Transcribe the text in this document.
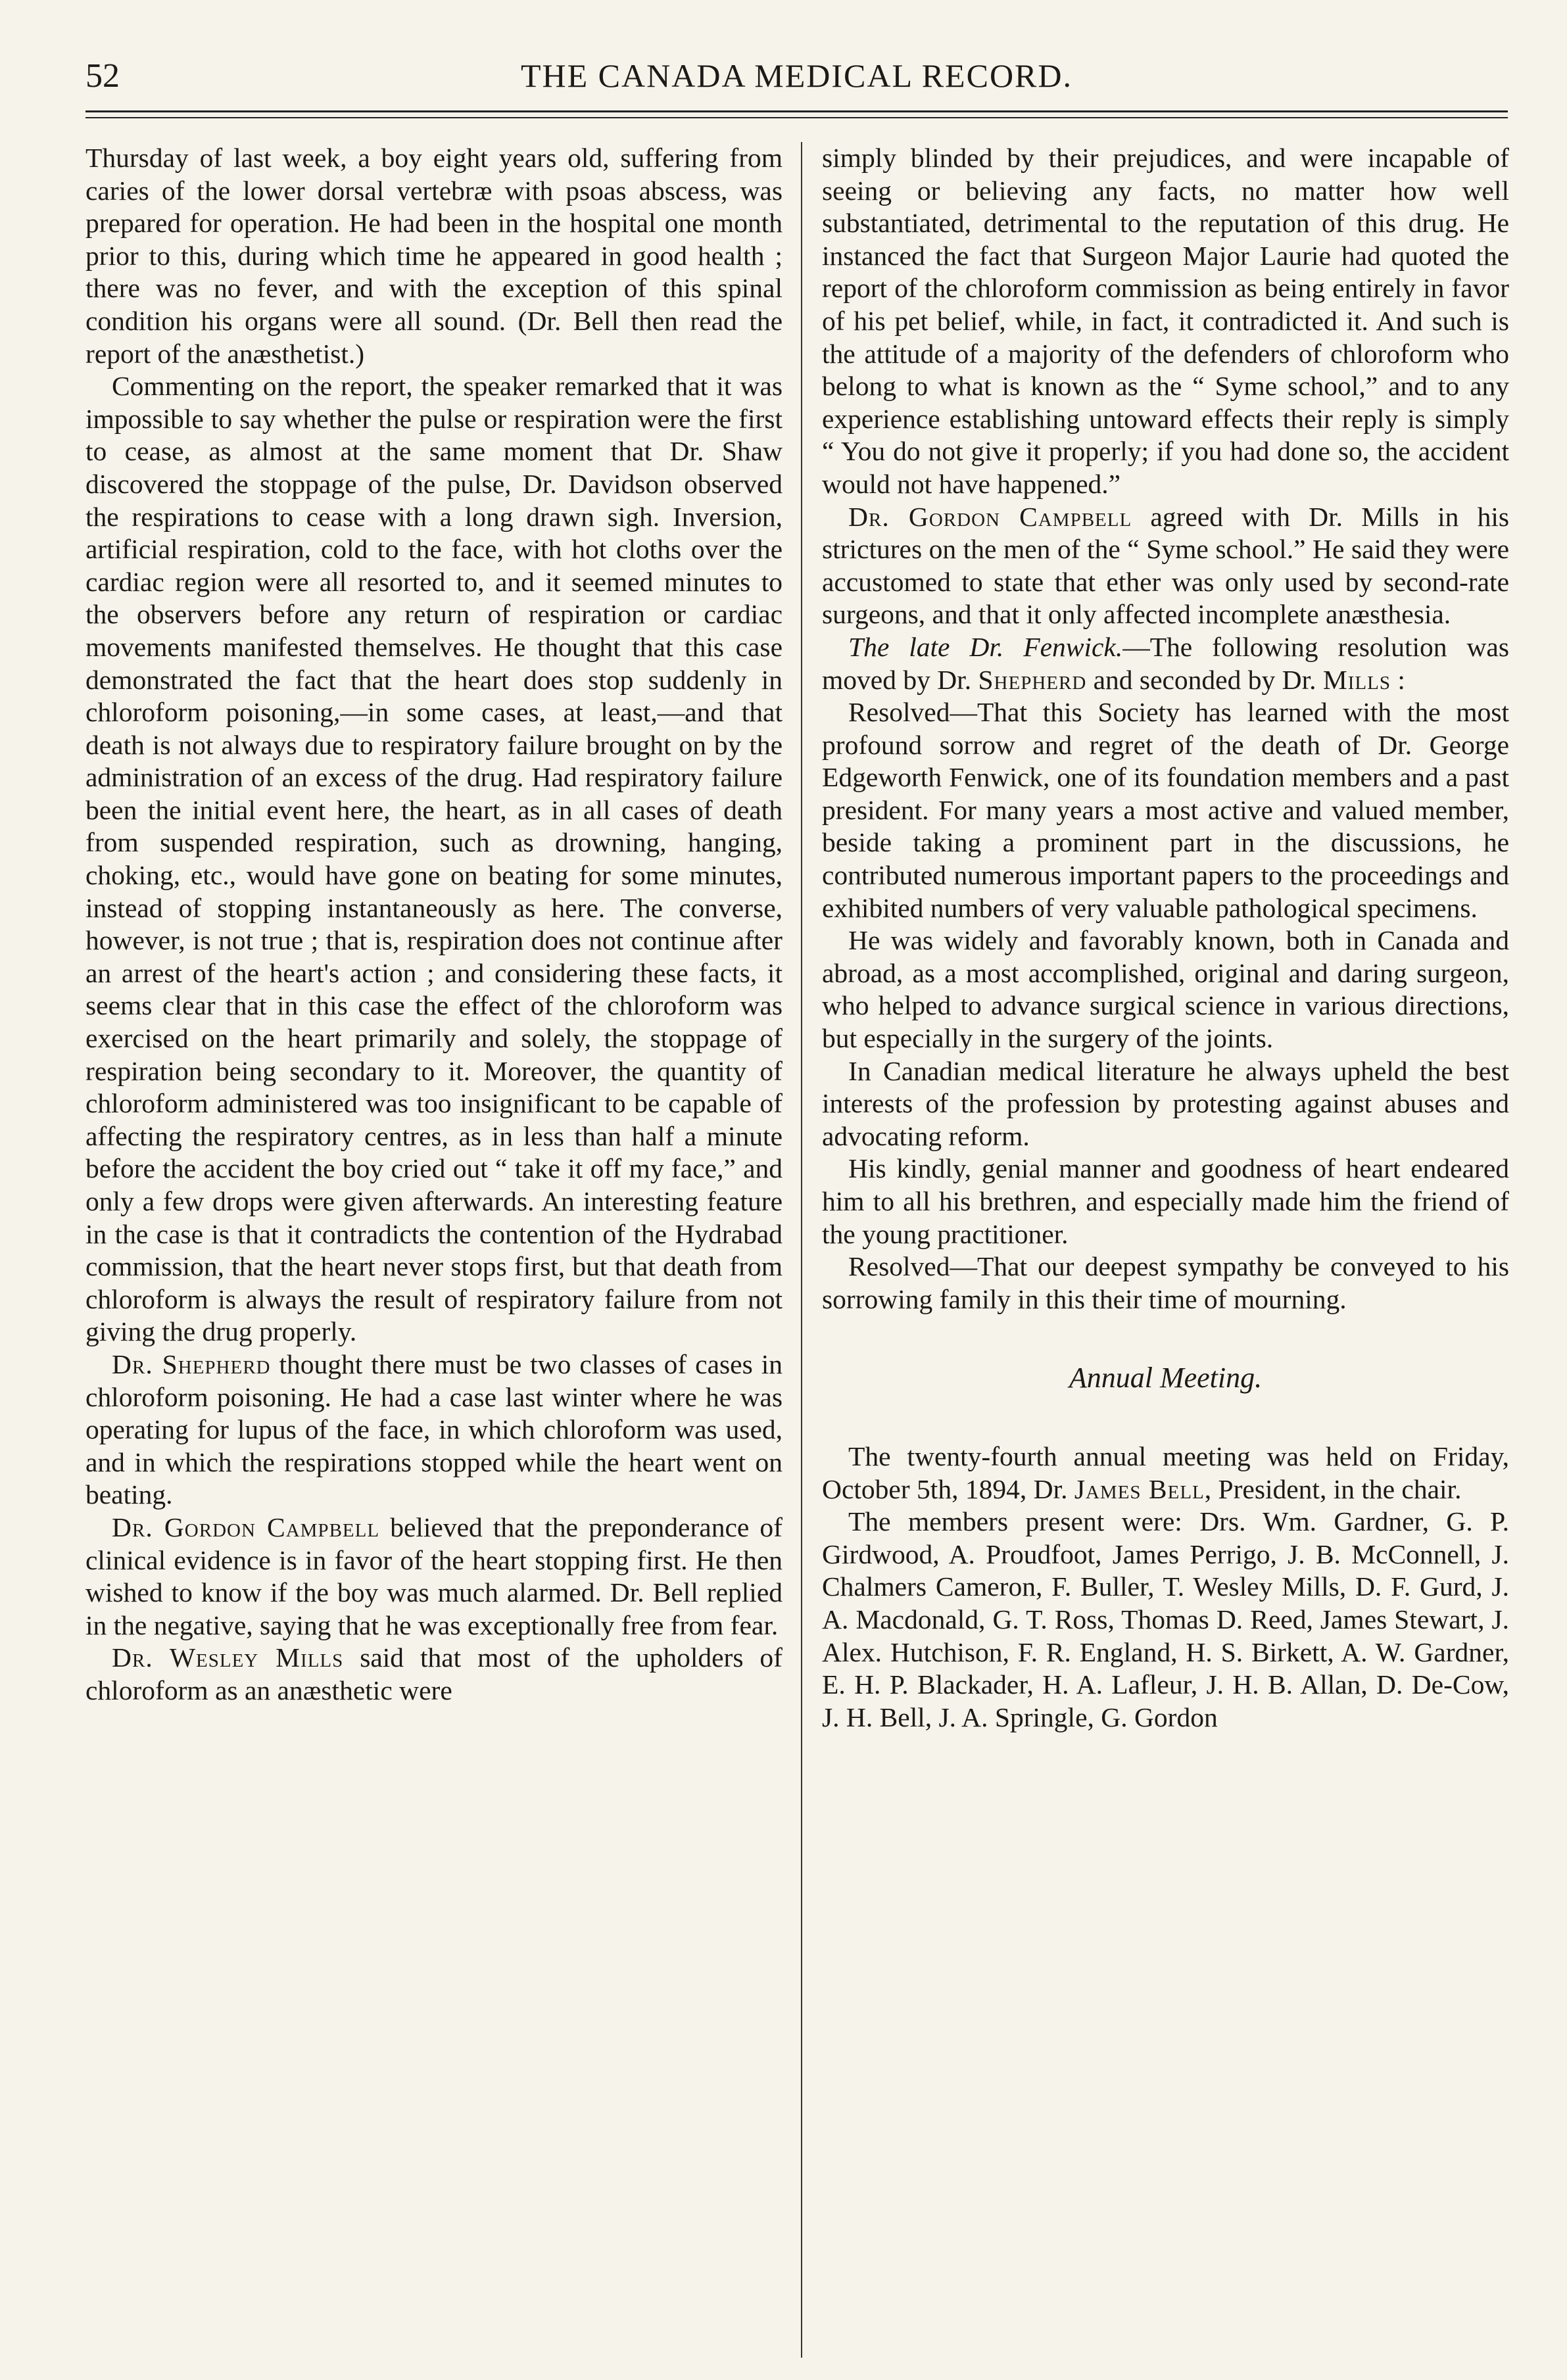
52	THE CANADA MEDICAL RECORD.

Thursday of last week, a boy eight years old, suffering from caries of the lower dorsal vertebræ with psoas abscess, was prepared for operation. He had been in the hospital one month prior to this, during which time he appeared in good health ; there was no fever, and with the exception of this spinal condition his organs were all sound. (Dr. Bell then read the report of the anæsthetist.)

Commenting on the report, the speaker remarked that it was impossible to say whether the pulse or respiration were the first to cease, as almost at the same moment that Dr. Shaw discovered the stoppage of the pulse, Dr. Davidson observed the respirations to cease with a long drawn sigh. Inversion, artificial respiration, cold to the face, with hot cloths over the cardiac region were all resorted to, and it seemed minutes to the observers before any return of respiration or cardiac movements manifested themselves. He thought that this case demonstrated the fact that the heart does stop suddenly in chloroform poisoning,—in some cases, at least,—and that death is not always due to respiratory failure brought on by the administration of an excess of the drug. Had respiratory failure been the initial event here, the heart, as in all cases of death from suspended respiration, such as drowning, hanging, choking, etc., would have gone on beating for some minutes, instead of stopping instantaneously as here. The converse, however, is not true ; that is, respiration does not continue after an arrest of the heart's action ; and considering these facts, it seems clear that in this case the effect of the chloroform was exercised on the heart primarily and solely, the stoppage of respiration being secondary to it. Moreover, the quantity of chloroform administered was too insignificant to be capable of affecting the respiratory centres, as in less than half a minute before the accident the boy cried out “ take it off my face,” and only a few drops were given afterwards. An interesting feature in the case is that it contradicts the contention of the Hydrabad commission, that the heart never stops first, but that death from chloroform is always the result of respiratory failure from not giving the drug properly.

Dr. Shepherd thought there must be two classes of cases in chloroform poisoning. He had a case last winter where he was operating for lupus of the face, in which chloroform was used, and in which the respirations stopped while the heart went on beating.

Dr. Gordon Campbell believed that the preponderance of clinical evidence is in favor of the heart stopping first. He then wished to know if the boy was much alarmed. Dr. Bell replied in the negative, saying that he was exceptionally free from fear.

Dr. Wesley Mills said that most of the upholders of chloroform as an anæsthetic were

simply blinded by their prejudices, and were incapable of seeing or believing any facts, no matter how well substantiated, detrimental to the reputation of this drug. He instanced the fact that Surgeon Major Laurie had quoted the report of the chloroform commission as being entirely in favor of his pet belief, while, in fact, it contradicted it. And such is the attitude of a majority of the defenders of chloroform who belong to what is known as the “ Syme school,” and to any experience establishing untoward effects their reply is simply “ You do not give it properly; if you had done so, the accident would not have happened.”

Dr. Gordon Campbell agreed with Dr. Mills in his strictures on the men of the “ Syme school.” He said they were accustomed to state that ether was only used by second-rate surgeons, and that it only affected incomplete anæsthesia.

The late Dr. Fenwick.—The following resolution was moved by Dr. Shepherd and seconded by Dr. Mills :

Resolved—That this Society has learned with the most profound sorrow and regret of the death of Dr. George Edgeworth Fenwick, one of its foundation members and a past president. For many years a most active and valued member, beside taking a prominent part in the discussions, he contributed numerous important papers to the proceedings and exhibited numbers of very valuable pathological specimens.

He was widely and favorably known, both in Canada and abroad, as a most accomplished, original and daring surgeon, who helped to advance surgical science in various directions, but especially in the surgery of the joints.

In Canadian medical literature he always upheld the best interests of the profession by protesting against abuses and advocating reform.

His kindly, genial manner and goodness of heart endeared him to all his brethren, and especially made him the friend of the young practitioner.

Resolved—That our deepest sympathy be conveyed to his sorrowing family in this their time of mourning.

Annual Meeting.

The twenty-fourth annual meeting was held on Friday, October 5th, 1894, Dr. James Bell, President, in the chair.

The members present were: Drs. Wm. Gardner, G. P. Girdwood, A. Proudfoot, James Perrigo, J. B. McConnell, J. Chalmers Cameron, F. Buller, T. Wesley Mills, D. F. Gurd, J. A. Macdonald, G. T. Ross, Thomas D. Reed, James Stewart, J. Alex. Hutchison, F. R. England, H. S. Birkett, A. W. Gardner, E. H. P. Blackader, H. A. Lafleur, J. H. B. Allan, D. De-Cow, J. H. Bell, J. A. Springle, G. Gordon
